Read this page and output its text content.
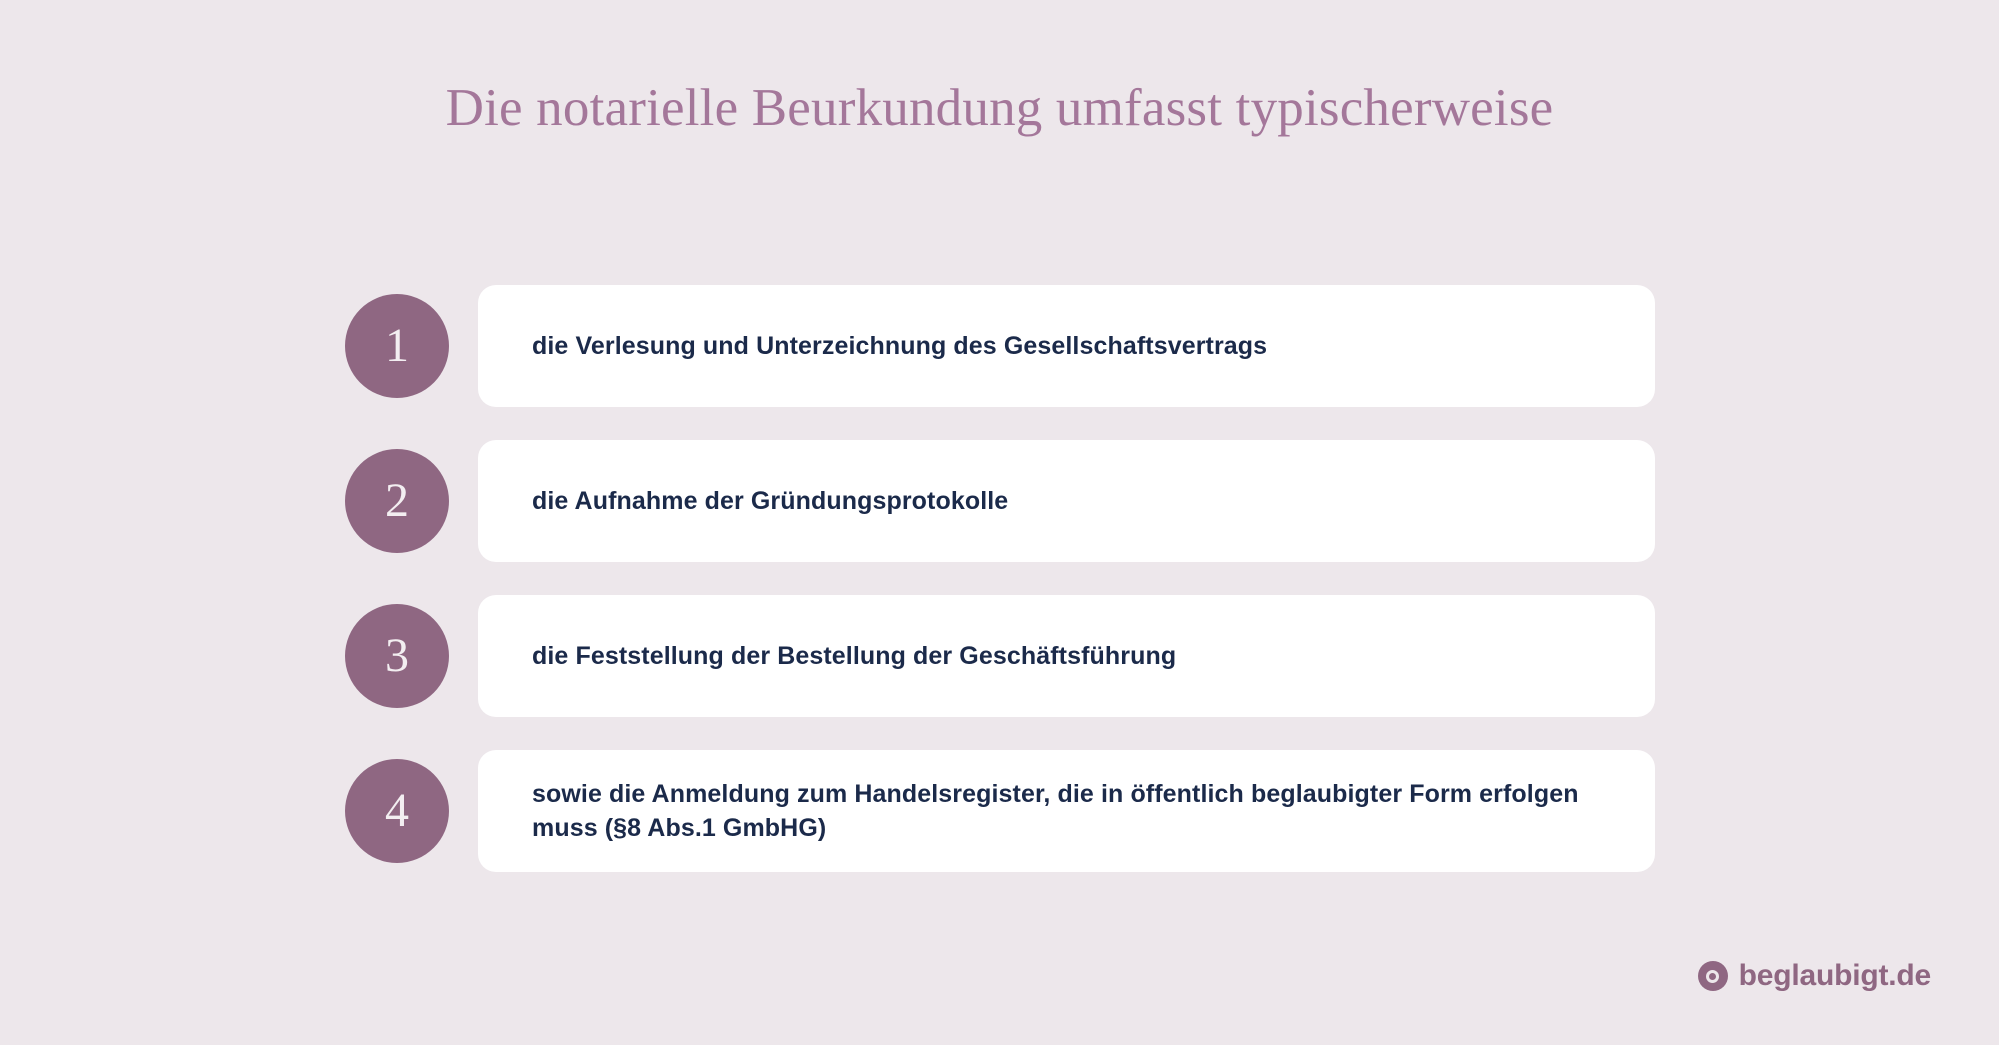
Die notarielle Beurkundung umfasst typischerweise
1	die Verlesung und Unterzeichnung des Gesellschaftsvertrags
2	die Aufnahme der Gründungsprotokolle
3	die Feststellung der Bestellung der Geschäftsführung
4	sowie die Anmeldung zum Handelsregister, die in öffentlich beglaubigter Form erfolgen muss (§8 Abs.1 GmbHG)
beglaubigt.de
